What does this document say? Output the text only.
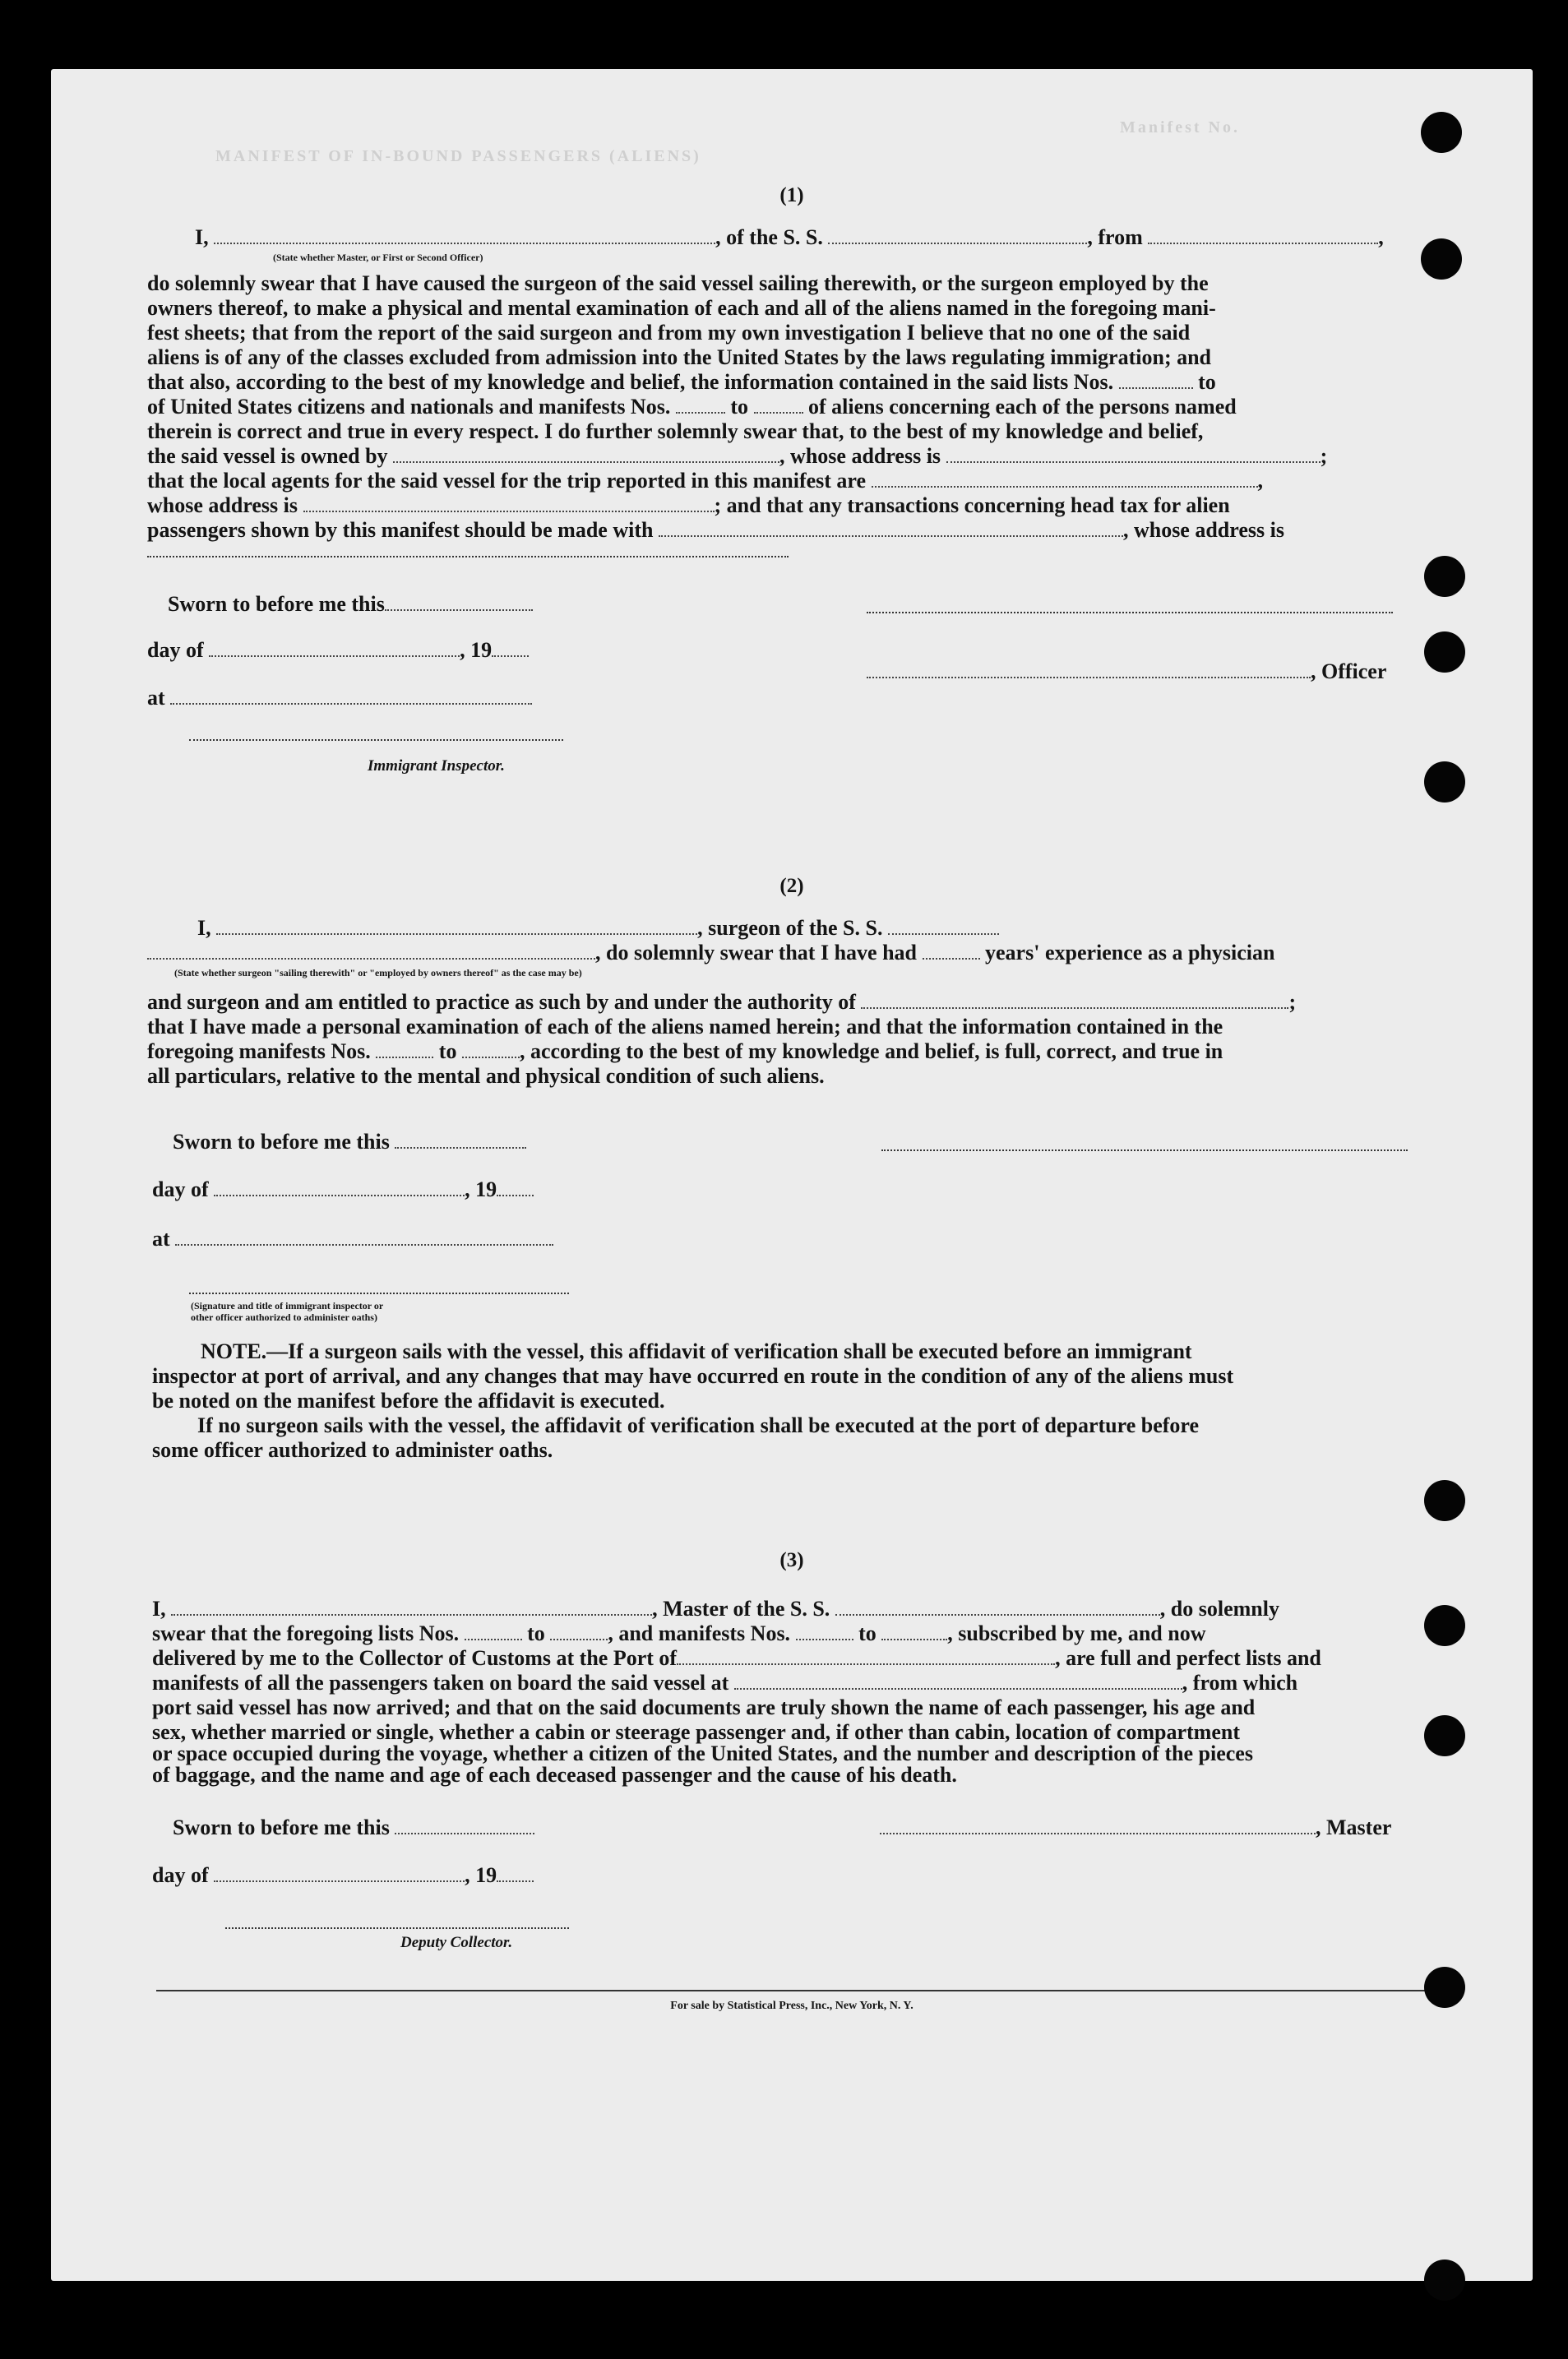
MANIFEST OF IN-BOUND PASSENGERS (ALIENS)
Manifest No.
(1)
I,	, of the S. S.	, from	,
(State whether Master, or First or Second Officer)
do solemnly swear that I have caused the surgeon of the said vessel sailing therewith, or the surgeon employed by the
owners thereof, to make a physical and mental examination of each and all of the aliens named in the foregoing mani-
fest sheets; that from the report of the said surgeon and from my own investigation I believe that no one of the said
aliens is of any of the classes excluded from admission into the United States by the laws regulating immigration; and
that also, according to the best of my knowledge and belief, the information contained in the said lists Nos.	to
of United States citizens and nationals and manifests Nos.	to	of aliens concerning each of the persons named
therein is correct and true in every respect. I do further solemnly swear that, to the best of my knowledge and belief,
the said vessel is owned by	, whose address is	;
that the local agents for the said vessel for the trip reported in this manifest are	,
whose address is	; and that any transactions concerning head tax for alien
passengers shown by this manifest should be made with	, whose address is
Sworn to before me this
day of	, 19
, Officer
at
Immigrant Inspector.
(2)
I,	, surgeon of the S. S.
, do solemnly swear that I have had	years' experience as a physician
(State whether surgeon "sailing therewith" or "employed by owners thereof" as the case may be)
and surgeon and am entitled to practice as such by and under the authority of	;
that I have made a personal examination of each of the aliens named herein; and that the information contained in the
foregoing manifests Nos.	to	, according to the best of my knowledge and belief, is full, correct, and true in
all particulars, relative to the mental and physical condition of such aliens.
Sworn to before me this
day of	, 19
at
(Signature and title of immigrant inspector or
other officer authorized to administer oaths)
NOTE.—If a surgeon sails with the vessel, this affidavit of verification shall be executed before an immigrant
inspector at port of arrival, and any changes that may have occurred en route in the condition of any of the aliens must
be noted on the manifest before the affidavit is executed.
If no surgeon sails with the vessel, the affidavit of verification shall be executed at the port of departure before
some officer authorized to administer oaths.
(3)
I,	, Master of the S. S.	, do solemnly
swear that the foregoing lists Nos.	to	, and manifests Nos.	to	, subscribed by me, and now
delivered by me to the Collector of Customs at the Port of	, are full and perfect lists and
manifests of all the passengers taken on board the said vessel at	, from which
port said vessel has now arrived; and that on the said documents are truly shown the name of each passenger, his age and
sex, whether married or single, whether a cabin or steerage passenger and, if other than cabin, location of compartment
or space occupied during the voyage, whether a citizen of the United States, and the number and description of the pieces
of baggage, and the name and age of each deceased passenger and the cause of his death.
Sworn to before me this	, Master
day of	, 19
Deputy Collector.
For sale by Statistical Press, Inc., New York, N. Y.
